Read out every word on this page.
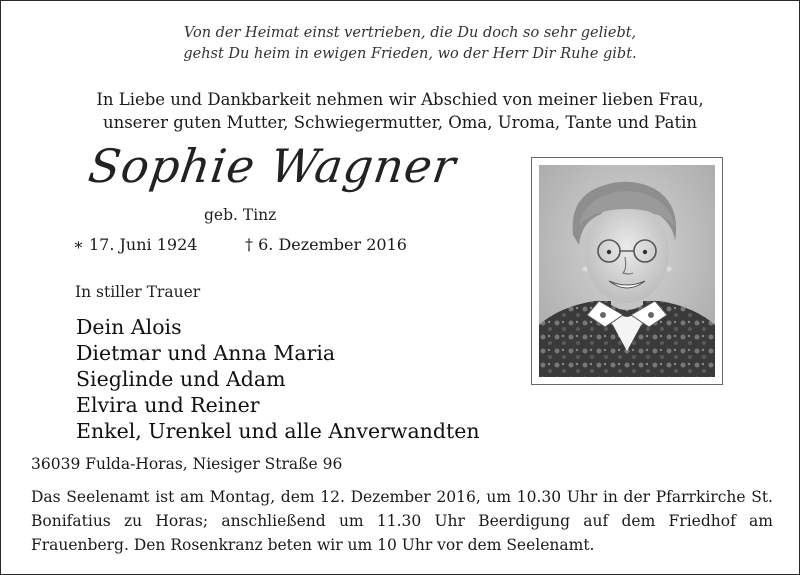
Von der Heimat einst vertrieben, die Du doch so sehr geliebt,
gehst Du heim in ewigen Frieden, wo der Herr Dir Ruhe gibt.
In Liebe und Dankbarkeit nehmen wir Abschied von meiner lieben Frau,
unserer guten Mutter, Schwiegermutter, Oma, Uroma, Tante und Patin
Sophie Wagner
geb. Tinz
∗ 17. Juni 1924	† 6. Dezember 2016
In stiller Trauer
Dein Alois
Dietmar und Anna Maria
Sieglinde und Adam
Elvira und Reiner
Enkel, Urenkel und alle Anverwandten
36039 Fulda-Horas, Niesiger Straße 96
Das Seelenamt ist am Montag, dem 12. Dezember 2016, um 10.30 Uhr in der Pfarrkirche St. Bonifatius zu Horas; anschließend um 11.30 Uhr Beerdigung auf dem Friedhof am Frauenberg. Den Rosenkranz beten wir um 10 Uhr vor dem Seelenamt.
